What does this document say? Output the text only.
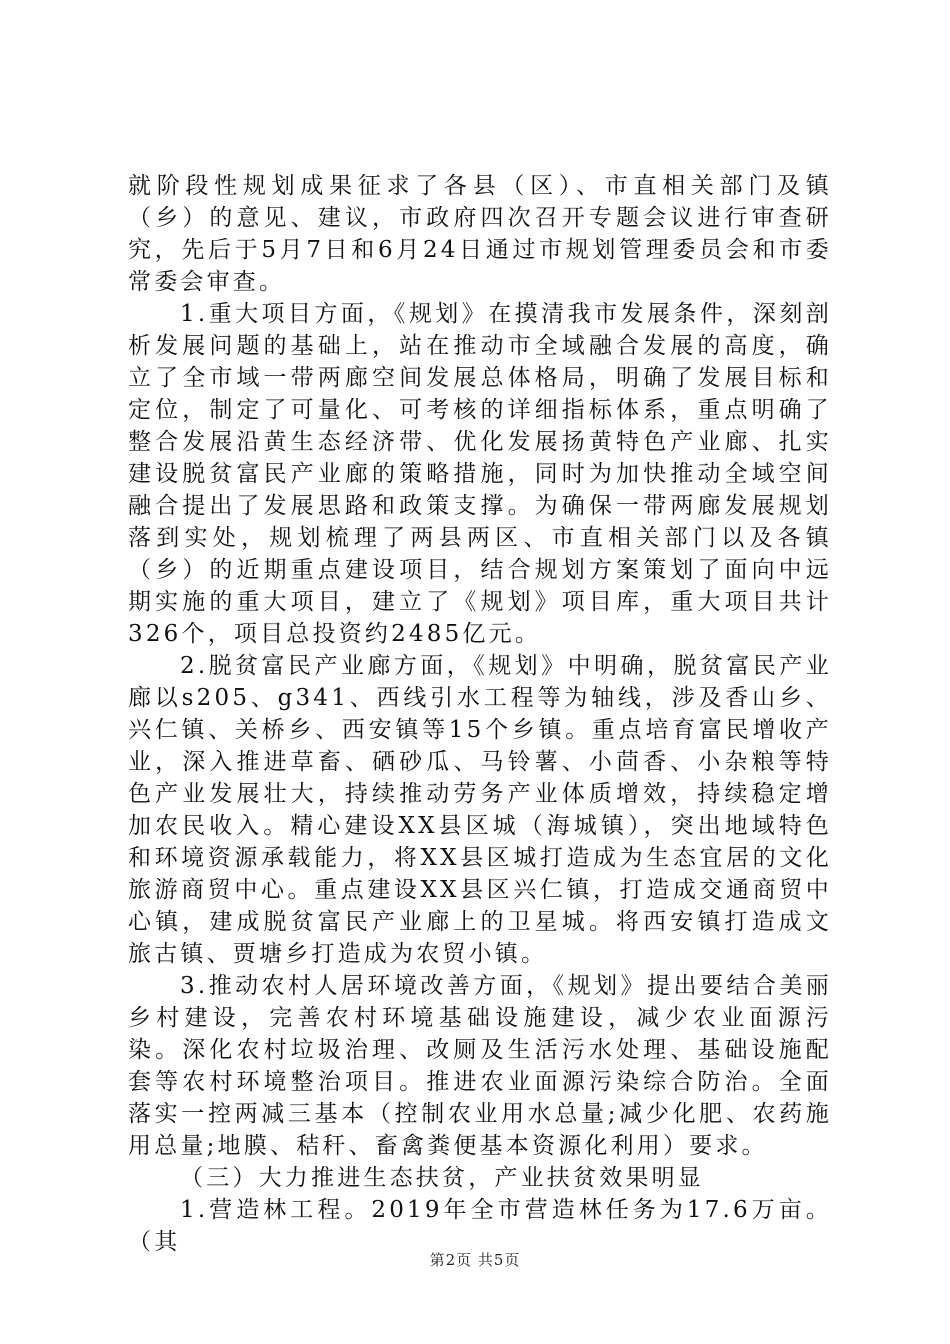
就阶段性规划成果征求了各县（区）、市直相关部门及镇（乡）的意见、建议，市政府四次召开专题会议进行审查研究，先后于5月7日和6月24日通过市规划管理委员会和市委常委会审查。

1.重大项目方面，《规划》在摸清我市发展条件，深刻剖析发展问题的基础上，站在推动市全域融合发展的高度，确立了全市域一带两廊空间发展总体格局，明确了发展目标和定位，制定了可量化、可考核的详细指标体系，重点明确了整合发展沿黄生态经济带、优化发展扬黄特色产业廊、扎实建设脱贫富民产业廊的策略措施，同时为加快推动全域空间融合提出了发展思路和政策支撑。为确保一带两廊发展规划落到实处，规划梳理了两县两区、市直相关部门以及各镇（乡）的近期重点建设项目，结合规划方案策划了面向中远期实施的重大项目，建立了《规划》项目库，重大项目共计326个，项目总投资约2485亿元。

2.脱贫富民产业廊方面，《规划》中明确，脱贫富民产业廊以s205、g341、西线引水工程等为轴线，涉及香山乡、兴仁镇、关桥乡、西安镇等15个乡镇。重点培育富民增收产业，深入推进草畜、硒砂瓜、马铃薯、小茴香、小杂粮等特色产业发展壮大，持续推动劳务产业体质增效，持续稳定增加农民收入。精心建设XX县区城（海城镇），突出地域特色和环境资源承载能力，将XX县区城打造成为生态宜居的文化旅游商贸中心。重点建设XX县区兴仁镇，打造成交通商贸中心镇，建成脱贫富民产业廊上的卫星城。将西安镇打造成文旅古镇、贾塘乡打造成为农贸小镇。

3.推动农村人居环境改善方面，《规划》提出要结合美丽乡村建设，完善农村环境基础设施建设，减少农业面源污染。深化农村垃圾治理、改厕及生活污水处理、基础设施配套等农村环境整治项目。推进农业面源污染综合防治。全面落实一控两减三基本（控制农业用水总量;减少化肥、农药施用总量;地膜、秸秆、畜禽粪便基本资源化利用）要求。

（三）大力推进生态扶贫，产业扶贫效果明显

1.营造林工程。2019年全市营造林任务为17.6万亩。（其

第2页 共5页
